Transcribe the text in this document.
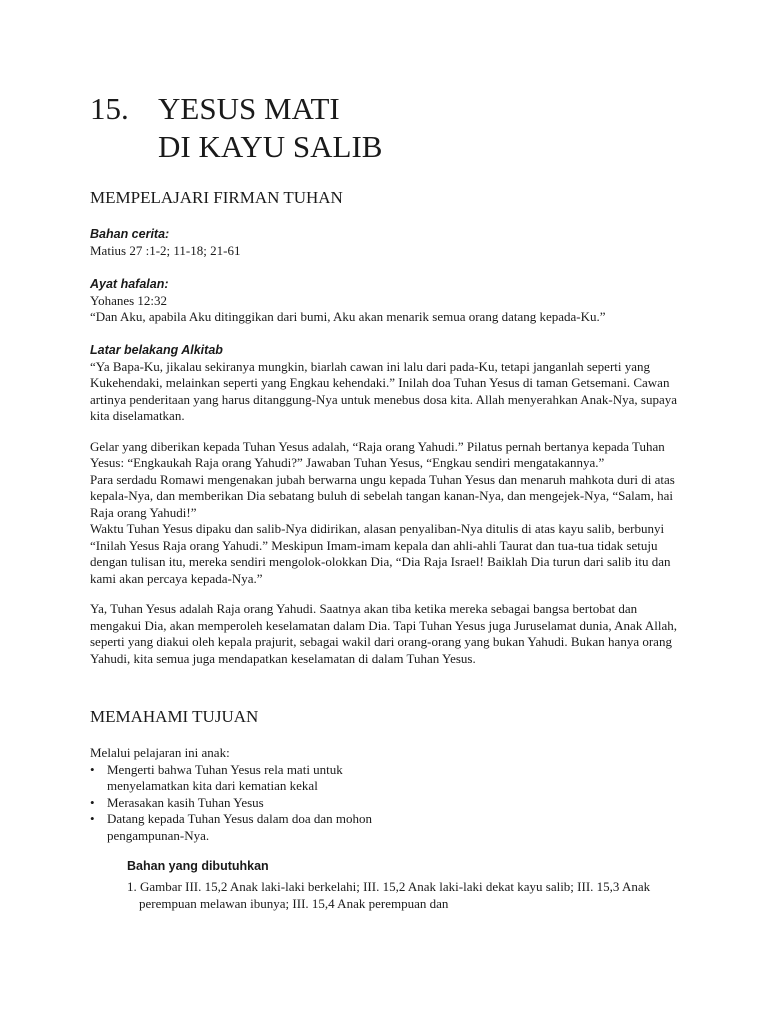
15. YESUS MATI
DI KAYU SALIB
MEMPELAJARI FIRMAN TUHAN

Bahan cerita:

Matius 27 :1-2; 11-18; 21-61

Ayat hafalan:

Yohanes 12:32

“Dan Aku, apabila Aku ditinggikan dari bumi, Aku akan menarik semua orang datang kepada-Ku.”

Latar belakang Alkitab

“Ya Bapa-Ku, jikalau sekiranya mungkin, biarlah cawan ini lalu dari pada-Ku, tetapi janganlah seperti yang Kukehendaki, melainkan seperti yang Engkau kehendaki.” Inilah doa Tuhan Yesus di taman Getsemani. Cawan artinya penderitaan yang harus ditanggung-Nya untuk menebus dosa kita. Allah menyerahkan Anak-Nya, supaya kita diselamatkan.

Gelar yang diberikan kepada Tuhan Yesus adalah, “Raja orang Yahudi.” Pilatus pernah bertanya kepada Tuhan Yesus: “Engkaukah Raja orang Yahudi?” Jawaban Tuhan Yesus, “Engkau sendiri mengatakannya.”

Para serdadu Romawi mengenakan jubah berwarna ungu kepada Tuhan Yesus dan menaruh mahkota duri di atas kepala-Nya, dan memberikan Dia sebatang buluh di sebelah tangan kanan-Nya, dan mengejek-Nya, “Salam, hai Raja orang Yahudi!”

Waktu Tuhan Yesus dipaku dan salib-Nya didirikan, alasan penyaliban-Nya ditulis di atas kayu salib, berbunyi “Inilah Yesus Raja orang Yahudi.” Meskipun Imam-imam kepala dan ahli-ahli Taurat dan tua-tua tidak setuju dengan tulisan itu, mereka sendiri mengolok-olokkan Dia, “Dia Raja Israel! Baiklah Dia turun dari salib itu dan kami akan percaya kepada-Nya.”

Ya, Tuhan Yesus adalah Raja orang Yahudi. Saatnya akan tiba ketika mereka sebagai bangsa bertobat dan mengakui Dia, akan memperoleh keselamatan dalam Dia. Tapi Tuhan Yesus juga Juruselamat dunia, Anak Allah, seperti yang diakui oleh kepala prajurit, sebagai wakil dari orang-orang yang bukan Yahudi. Bukan hanya orang Yahudi, kita semua juga mendapatkan keselamatan di dalam Tuhan Yesus.

MEMAHAMI TUJUAN

Melalui pelajaran ini anak:

• Mengerti bahwa Tuhan Yesus rela mati untuk
menyelamatkan kita dari kematian kekal
• Merasakan kasih Tuhan Yesus
• Datang kepada Tuhan Yesus dalam doa dan mohon
pengampunan-Nya.

Bahan yang dibutuhkan

1. Gambar III. 15,2 Anak laki-laki berkelahi; III. 15,2 Anak laki-laki dekat kayu salib; III. 15,3 Anak perempuan melawan ibunya; III. 15,4 Anak perempuan dan
